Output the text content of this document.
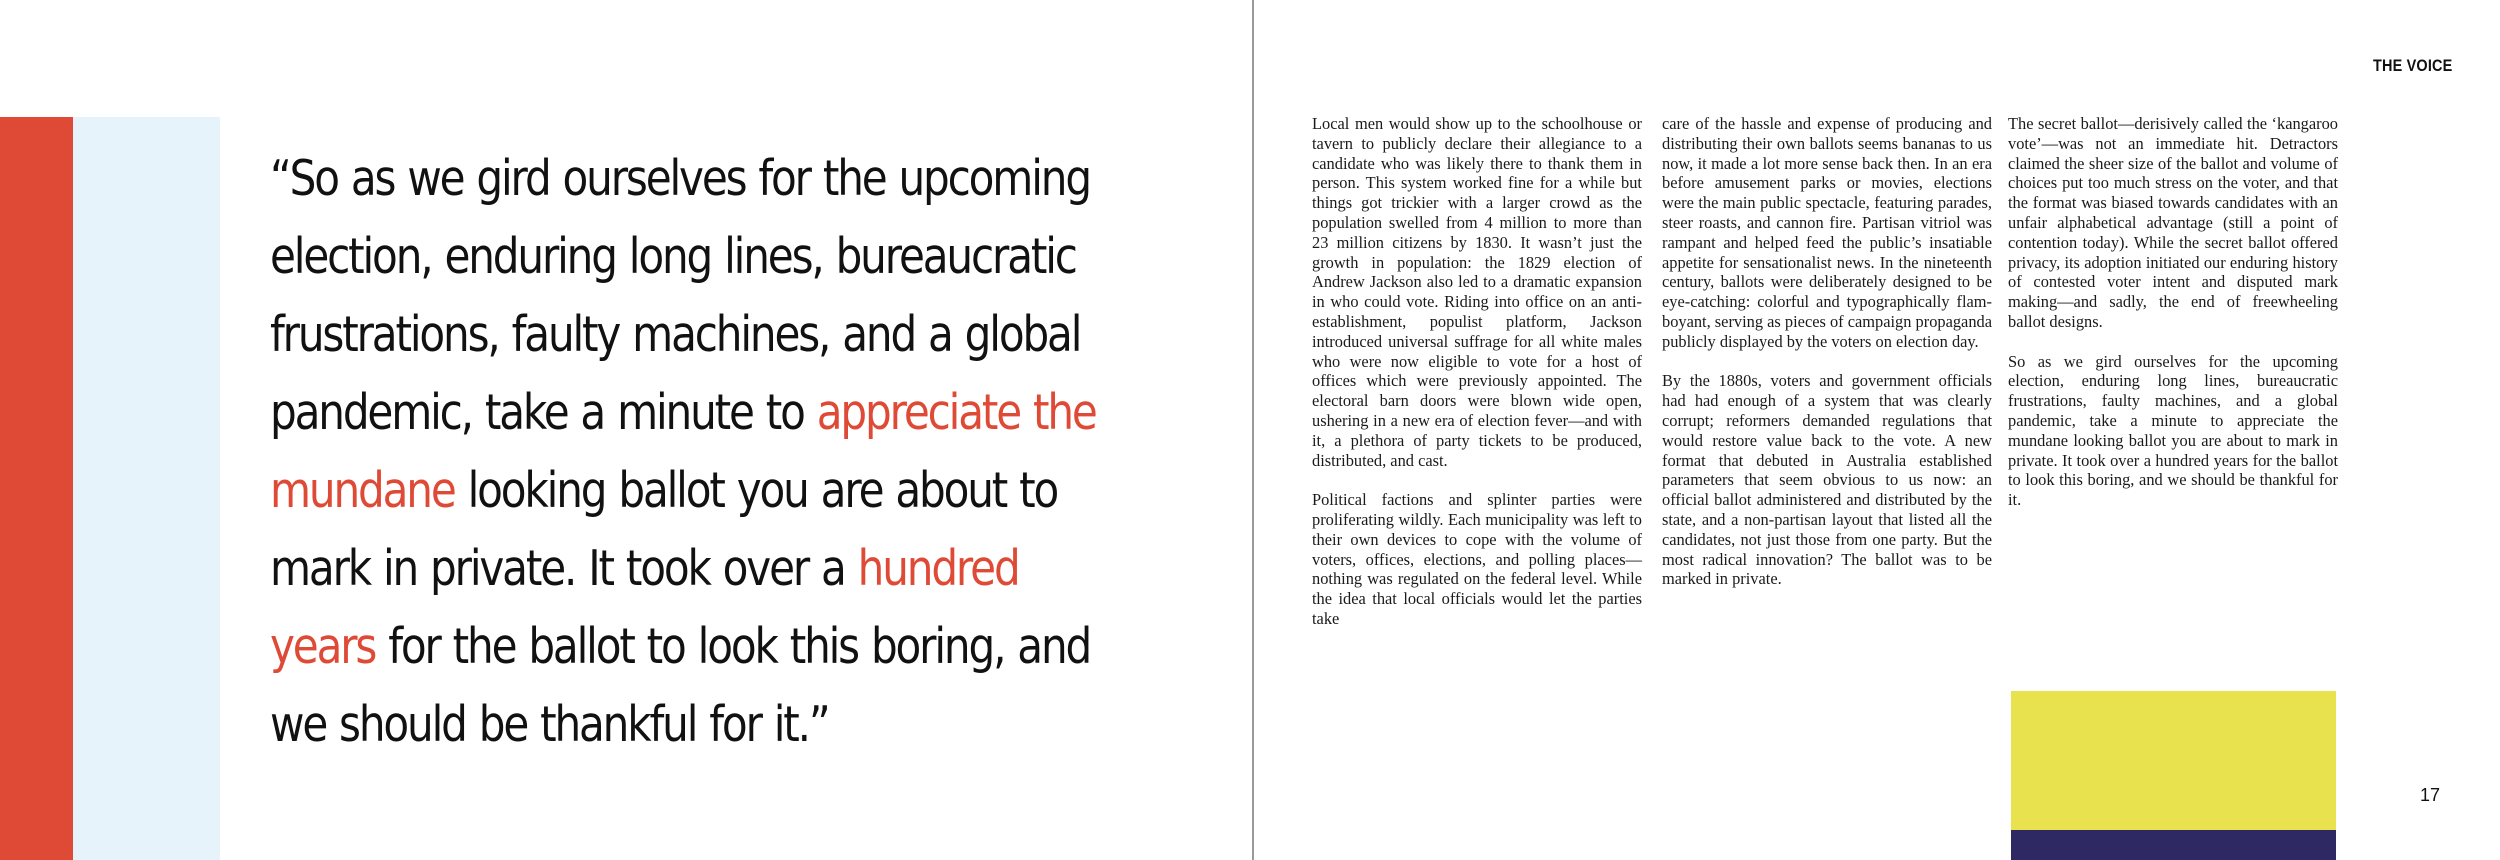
“So as we gird ourselves for the upcoming
election, enduring long lines, bureaucratic
frustrations, faulty machines, and a global
pandemic, take a minute to appreciate the
mundane looking ballot you are about to
mark in private. It took over a hundred
years for the ballot to look this boring, and
we should be thankful for it.”
THE VOICE

Local men would show up to the schoolhouse or tavern to publicly declare their allegiance to a candidate who was likely there to thank them in person. This system worked fine for a while but things got trickier with a larger crowd as the population swelled from 4 million to more than 23 million citizens by 1830. It wasn’t just the growth in population: the 1829 election of Andrew Jackson also led to a dramatic expansion in who could vote. Riding into office on an anti-establishment, populist platform, Jackson introduced universal suffrage for all white males who were now eligible to vote for a host of offices which were previously appointed. The electoral barn doors were blown wide open, ushering in a new era of election fever—and with it, a plethora of party tickets to be produced, distributed, and cast.

Political factions and splinter parties were proliferating wildly. Each municipality was left to their own devices to cope with the volume of voters, offices, elections, and polling places—nothing was regulated on the federal level. While the idea that local officials would let the parties take

care of the hassle and expense of producing and distributing their own ballots seems bananas to us now, it made a lot more sense back then. In an era before amusement parks or movies, elections were the main public spectacle, featuring parades, steer roasts, and cannon fire. Partisan vitriol was rampant and helped feed the public’s insatiable appetite for sensationalist news. In the nineteenth century, ballots were deliberately designed to be eye-catching: colorful and typographically flamboyant, serving as pieces of campaign propaganda publicly displayed by the voters on election day.

By the 1880s, voters and government officials had had enough of a system that was clearly corrupt; reformers demanded regulations that would restore value back to the vote. A new format that debuted in Australia established parameters that seem obvious to us now: an official ballot administered and distributed by the state, and a non-partisan layout that listed all the candidates, not just those from one party. But the most radical innovation? The ballot was to be marked in private.

The secret ballot—derisively called the ‘kangaroo vote’—was not an immediate hit. Detractors claimed the sheer size of the ballot and volume of choices put too much stress on the voter, and that the format was biased towards candidates with an unfair alphabetical advantage (still a point of contention today). While the secret ballot offered privacy, its adoption initiated our enduring history of contested voter intent and disputed mark making—and sadly, the end of freewheeling ballot designs.

So as we gird ourselves for the upcoming election, enduring long lines, bureaucratic frustrations, faulty machines, and a global pandemic, take a minute to appreciate the mundane looking ballot you are about to mark in private. It took over a hundred years for the ballot to look this boring, and we should be thankful for it.

17
